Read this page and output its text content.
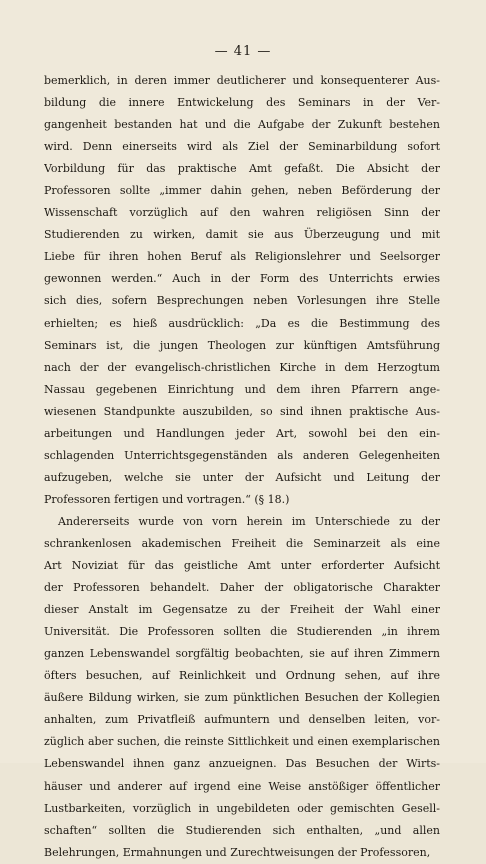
— 41 —
bemerklich, in deren immer deutlicherer und konsequenterer Aus-
bildung die innere Entwickelung des Seminars in der Ver-
gangenheit bestanden hat und die Aufgabe der Zukunft bestehen
wird. Denn einerseits wird als Ziel der Seminarbildung sofort
Vorbildung für das praktische Amt gefaßt. Die Absicht der
Professoren sollte „immer dahin gehen, neben Beförderung der
Wissenschaft vorzüglich auf den wahren religiösen Sinn der
Studierenden zu wirken, damit sie aus Überzeugung und mit
Liebe für ihren hohen Beruf als Religionslehrer und Seelsorger
gewonnen werden.“ Auch in der Form des Unterrichts erwies
sich dies, sofern Besprechungen neben Vorlesungen ihre Stelle
erhielten; es hieß ausdrücklich: „Da es die Bestimmung des
Seminars ist, die jungen Theologen zur künftigen Amtsführung
nach der der evangelisch-christlichen Kirche in dem Herzogtum
Nassau gegebenen Einrichtung und dem ihren Pfarrern ange-
wiesenen Standpunkte auszubilden, so sind ihnen praktische Aus-
arbeitungen und Handlungen jeder Art, sowohl bei den ein-
schlagenden Unterrichtsgegenständen als anderen Gelegenheiten
aufzugeben, welche sie unter der Aufsicht und Leitung der
Professoren fertigen und vortragen.“ (§ 18.)
Andererseits wurde von vorn herein im Unterschiede zu der
schrankenlosen akademischen Freiheit die Seminarzeit als eine
Art Noviziat für das geistliche Amt unter erforderter Aufsicht
der Professoren behandelt. Daher der obligatorische Charakter
dieser Anstalt im Gegensatze zu der Freiheit der Wahl einer
Universität. Die Professoren sollten die Studierenden „in ihrem
ganzen Lebenswandel sorgfältig beobachten, sie auf ihren Zimmern
öfters besuchen, auf Reinlichkeit und Ordnung sehen, auf ihre
äußere Bildung wirken, sie zum pünktlichen Besuchen der Kollegien
anhalten, zum Privatfleiß aufmuntern und denselben leiten, vor-
züglich aber suchen, die reinste Sittlichkeit und einen exemplarischen
Lebenswandel ihnen ganz anzueignen. Das Besuchen der Wirts-
häuser und anderer auf irgend eine Weise anstößiger öffentlicher
Lustbarkeiten, vorzüglich in ungebildeten oder gemischten Gesell-
schaften“ sollten die Studierenden sich enthalten, „und allen
Belehrungen, Ermahnungen und Zurechtweisungen der Professoren,
